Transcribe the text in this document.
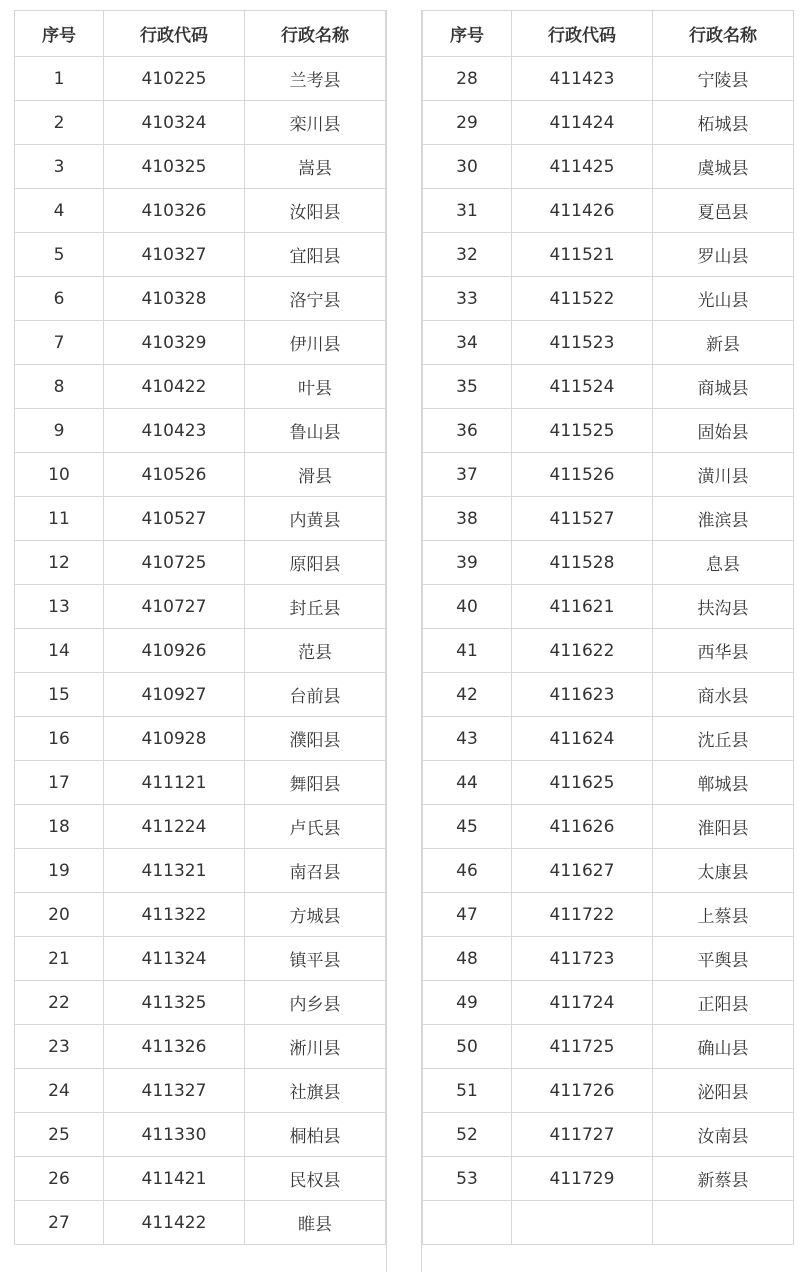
序号	行政代码	行政名称
1	410225	兰考县
2	410324	栾川县
3	410325	嵩县
4	410326	汝阳县
5	410327	宜阳县
6	410328	洛宁县
7	410329	伊川县
8	410422	叶县
9	410423	鲁山县
10	410526	滑县
11	410527	内黄县
12	410725	原阳县
13	410727	封丘县
14	410926	范县
15	410927	台前县
16	410928	濮阳县
17	411121	舞阳县
18	411224	卢氏县
19	411321	南召县
20	411322	方城县
21	411324	镇平县
22	411325	内乡县
23	411326	淅川县
24	411327	社旗县
25	411330	桐柏县
26	411421	民权县
27	411422	睢县
序号	行政代码	行政名称
28	411423	宁陵县
29	411424	柘城县
30	411425	虞城县
31	411426	夏邑县
32	411521	罗山县
33	411522	光山县
34	411523	新县
35	411524	商城县
36	411525	固始县
37	411526	潢川县
38	411527	淮滨县
39	411528	息县
40	411621	扶沟县
41	411622	西华县
42	411623	商水县
43	411624	沈丘县
44	411625	郸城县
45	411626	淮阳县
46	411627	太康县
47	411722	上蔡县
48	411723	平舆县
49	411724	正阳县
50	411725	确山县
51	411726	泌阳县
52	411727	汝南县
53	411729	新蔡县
